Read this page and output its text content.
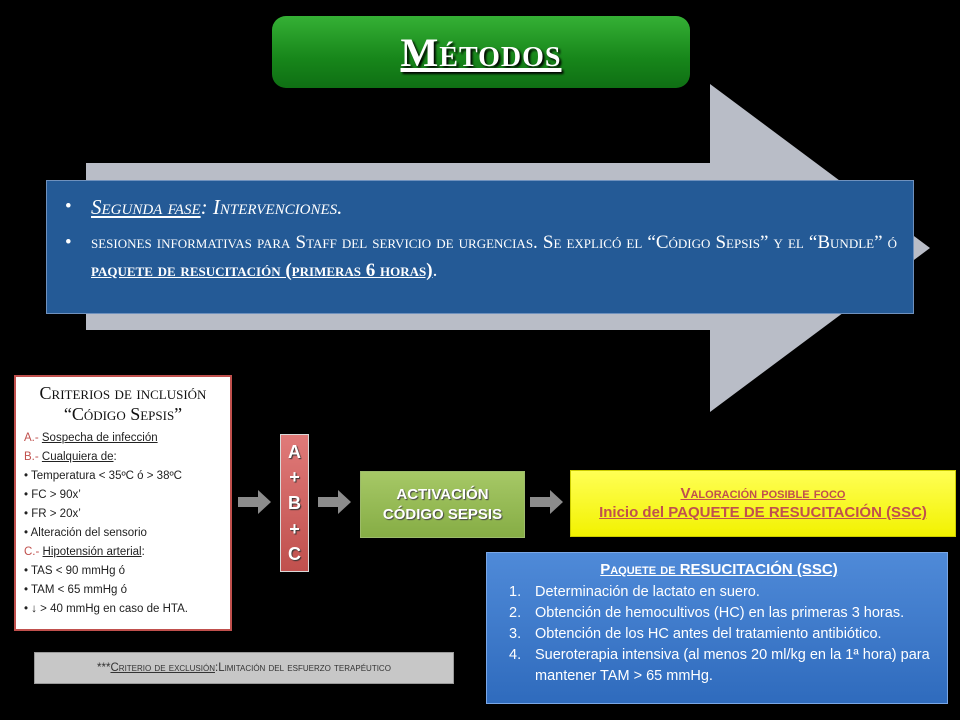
Métodos
• Segunda fase: Intervenciones.
• sesiones informativas para Staff del servicio de urgencias. Se explicó el “Código Sepsis” y el “Bundle” ó paquete de resucitación (primeras 6 horas).
Criterios de inclusión
“Código Sepsis”
A.- Sospecha de infección
B.- Cualquiera de:
• Temperatura < 35ºC ó > 38ºC
• FC > 90x’
• FR > 20x’
• Alteración del sensorio
C.- Hipotensión arterial:
• TAS < 90 mmHg ó
• TAM < 65 mmHg ó
• ↓ > 40 mmHg en caso de HTA.
A
+
B
+
C
ACTIVACIÓN
CÓDIGO SEPSIS
Valoración posible foco
Inicio del PAQUETE DE RESUCITACIÓN (SSC)
Paquete de RESUCITACIÓN (SSC)
1. Determinación de lactato en suero.
2. Obtención de hemocultivos (HC) en las primeras 3 horas.
3. Obtención de los HC antes del tratamiento antibiótico.
4. Sueroterapia intensiva (al menos 20 ml/kg en la 1ª hora) para mantener TAM > 65 mmHg.
*** Criterio de exclusión : Limitación del esfuerzo terapéutico
